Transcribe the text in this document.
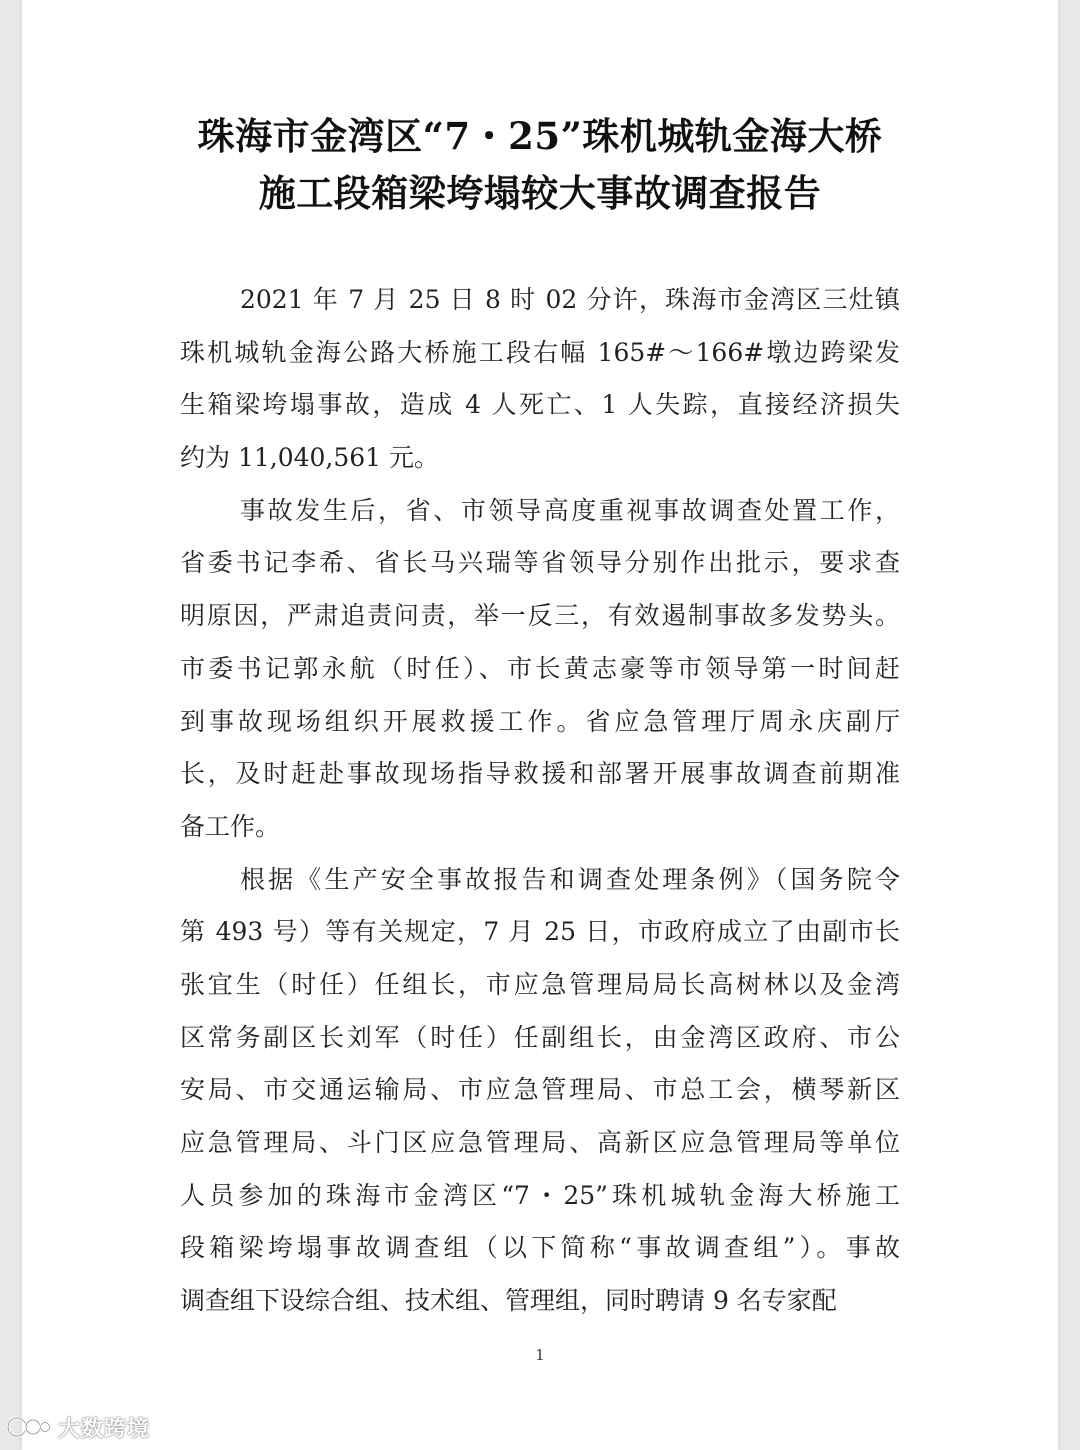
珠海市金湾区“7・25”珠机城轨金海大桥
施工段箱梁垮塌较大事故调查报告
2021 年 7 月 25 日 8 时 02 分许，珠海市金湾区三灶镇
珠机城轨金海公路大桥施工段右幅 165#～166#墩边跨梁发
生箱梁垮塌事故，造成 4 人死亡、1 人失踪，直接经济损失
约为 11,040,561 元。
事故发生后，省、市领导高度重视事故调查处置工作，
省委书记李希、省长马兴瑞等省领导分别作出批示，要求查
明原因，严肃追责问责，举一反三，有效遏制事故多发势头。
市委书记郭永航（时任）、市长黄志豪等市领导第一时间赶
到事故现场组织开展救援工作。省应急管理厅周永庆副厅
长，及时赶赴事故现场指导救援和部署开展事故调查前期准
备工作。
根据《生产安全事故报告和调查处理条例》（国务院令
第 493 号）等有关规定，7 月 25 日，市政府成立了由副市长
张宜生（时任）任组长，市应急管理局局长高树林以及金湾
区常务副区长刘军（时任）任副组长，由金湾区政府、市公
安局、市交通运输局、市应急管理局、市总工会，横琴新区
应急管理局、斗门区应急管理局、高新区应急管理局等单位
人员参加的珠海市金湾区“7・25”珠机城轨金海大桥施工
段箱梁垮塌事故调查组（以下简称“事故调查组”）。事故
调查组下设综合组、技术组、管理组，同时聘请 9 名专家配
1
大数跨境
